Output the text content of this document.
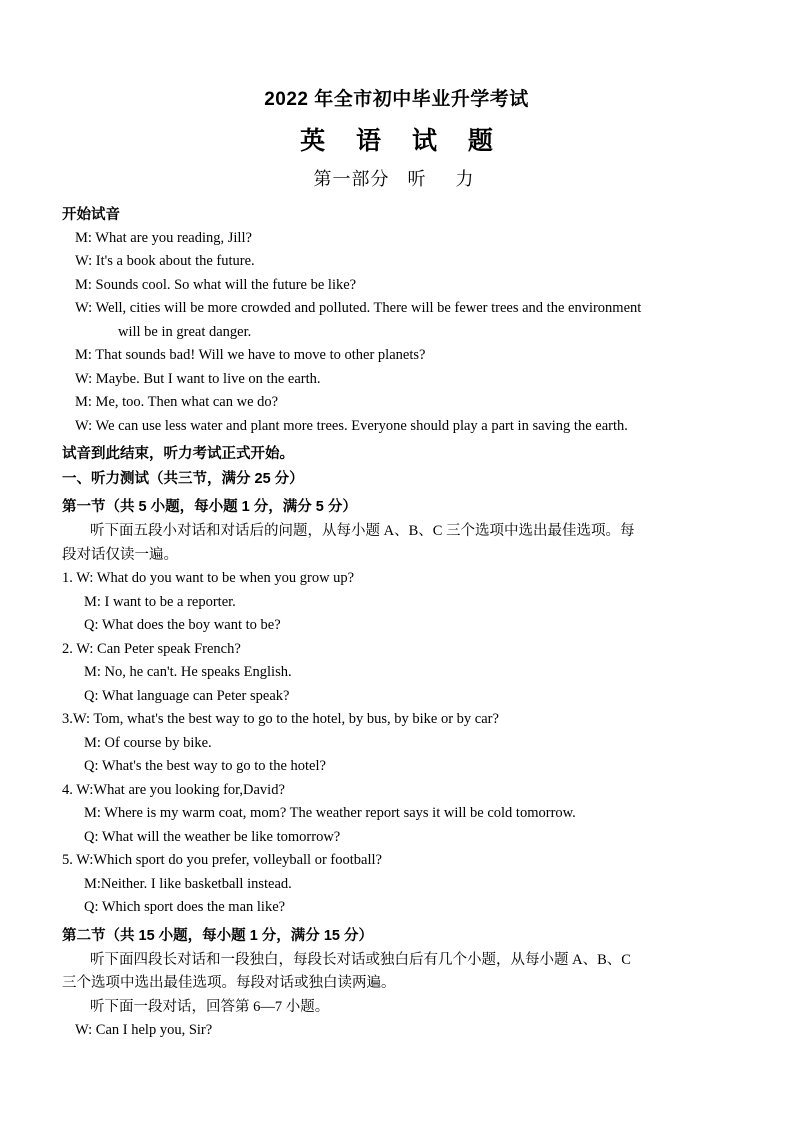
2022 年全市初中毕业升学考试
英 语 试 题
第一部分 听　力
开始试音

M: What are you reading, Jill?

W: It's a book about the future.

M: Sounds cool. So what will the future be like?

W: Well, cities will be more crowded and polluted. There will be fewer trees and the environment

will be in great danger.

M: That sounds bad! Will we have to move to other planets?

W: Maybe. But I want to live on the earth.

M: Me, too. Then what can we do?

W: We can use less water and plant more trees. Everyone should play a part in saving the earth.

试音到此结束，听力考试正式开始。
一、听力测试（共三节，满分 25 分）
第一节（共 5 小题，每小题 1 分，满分 5 分）

听下面五段小对话和对话后的问题，从每小题 A、B、C 三个选项中选出最佳选项。每

段对话仅读一遍。

1. W: What do you want to be when you grow up?

M: I want to be a reporter.

Q: What does the boy want to be?

2. W: Can Peter speak French?

M: No, he can't. He speaks English.

Q: What language can Peter speak?

3.W: Tom, what's the best way to go to the hotel, by bus, by bike or by car?

M: Of course by bike.

Q: What's the best way to go to the hotel?

4. W:What are you looking for,David?

M: Where is my warm coat, mom? The weather report says it will be cold tomorrow.

Q: What will the weather be like tomorrow?

5. W:Which sport do you prefer, volleyball or football?

M:Neither. I like basketball instead.

Q: Which sport does the man like?

第二节（共 15 小题，每小题 1 分，满分 15 分）

听下面四段长对话和一段独白，每段长对话或独白后有几个小题，从每小题 A、B、C

三个选项中选出最佳选项。每段对话或独白读两遍。

听下面一段对话，回答第 6—7 小题。

W: Can I help you, Sir?
